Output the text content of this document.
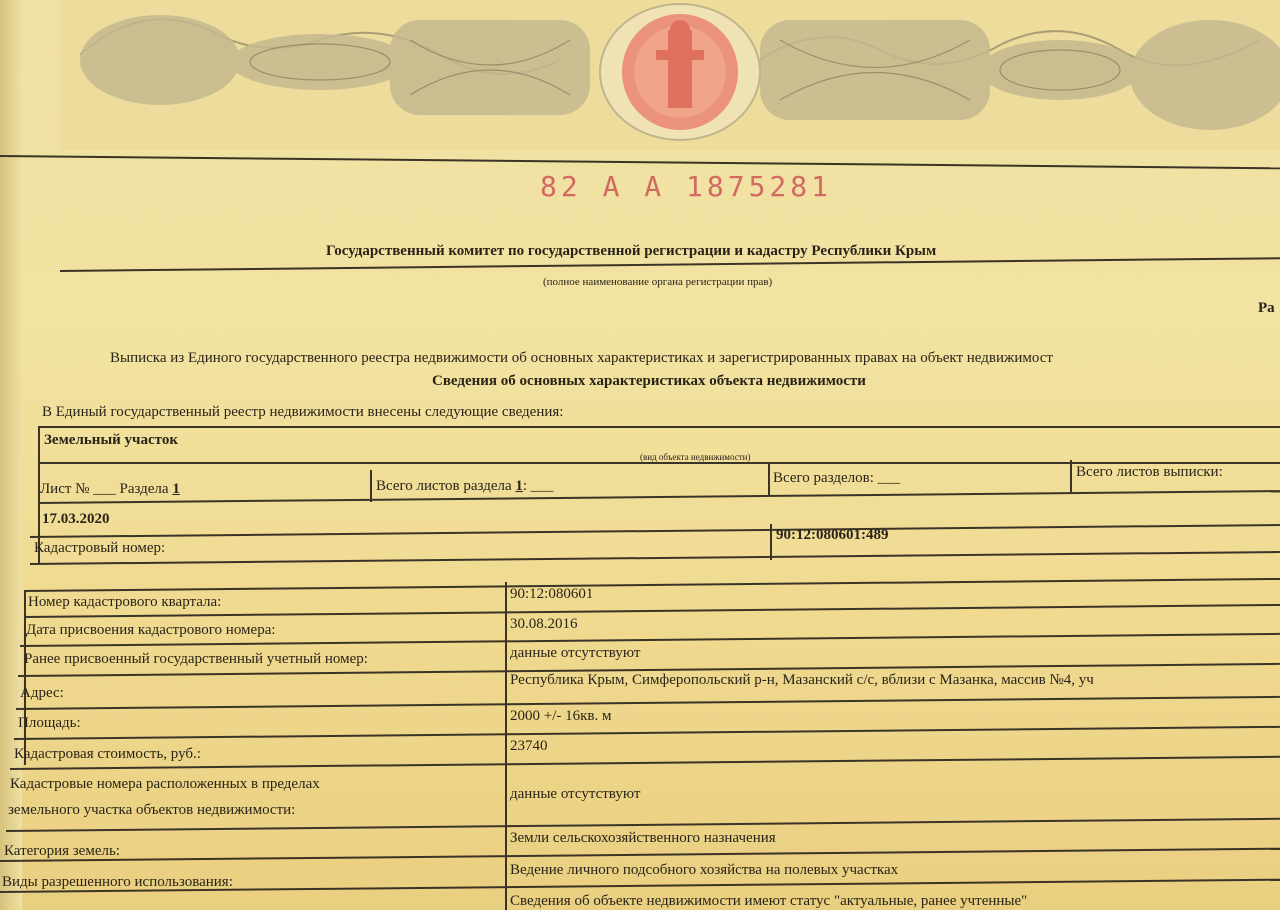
82 А А 1875281
Государственный комитет по государственной регистрации и кадастру Республики Крым
(полное наименование органа регистрации прав)
Ра
Выписка из Единого государственного реестра недвижимости об основных характеристиках и зарегистрированных правах на объект недвижимост
Сведения об основных характеристиках объекта недвижимости
В Единый государственный реестр недвижимости внесены следующие сведения:
Земельный участок
(вид объекта недвижимости)
Лист № ___ Раздела 1	Всего листов раздела 1: ___	Всего разделов: ___	Всего листов выписки:
17.03.2020
Кадастровый номер:
90:12:080601:489
Номер кадастрового квартала:	90:12:080601
Дата присвоения кадастрового номера:	30.08.2016
Ранее присвоенный государственный учетный номер:	данные отсутствуют
Адрес:
Республика Крым, Симферопольский р-н, Мазанский с/с, вблизи с Мазанка, массив №4, уч
Площадь:	2000 +/- 16кв. м
Кадастровая стоимость, руб.:	23740
Кадастровые номера расположенных в пределах
земельного участка объектов недвижимости:
данные отсутствуют
Категория земель:
Земли сельскохозяйственного назначения
Виды разрешенного использования:
Ведение личного подсобного хозяйства на полевых участках
Сведения об объекте недвижимости имеют статус "актуальные, ранее учтенные"
